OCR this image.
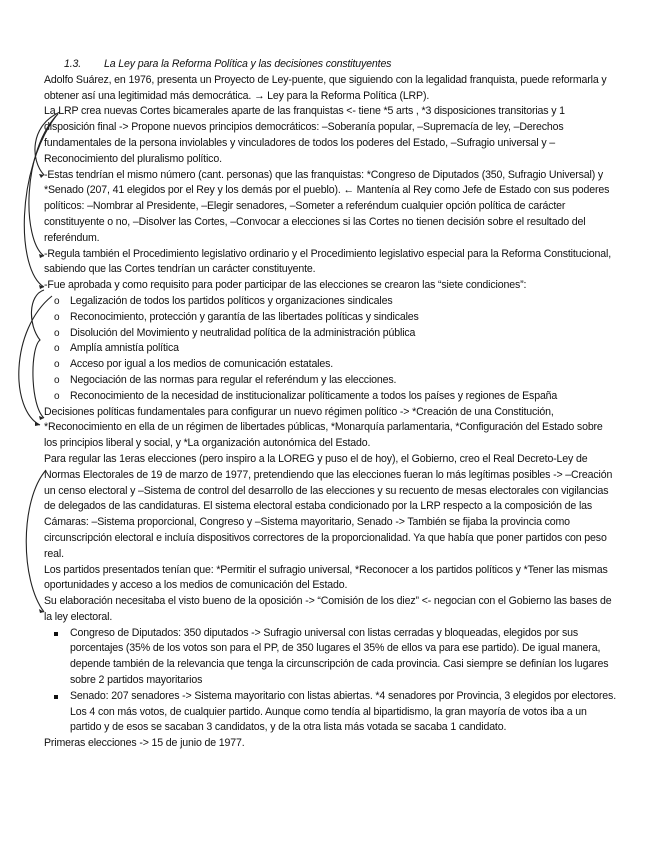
1.3. La Ley para la Reforma Política y las decisiones constituyentes

Adolfo Suárez, en 1976, presenta un Proyecto de Ley-puente, que siguiendo con la legalidad franquista, puede reformarla y obtener así una legitimidad más democrática. → Ley para la Reforma Política (LRP).

La LRP crea nuevas Cortes bicamerales aparte de las franquistas <- tiene *5 arts , *3 disposiciones transitorias y 1 disposición final -> Propone nuevos principios democráticos: –Soberanía popular, –Supremacía de ley, –Derechos fundamentales de la persona inviolables y vinculadores de todos los poderes del Estado, –Sufragio universal y –Reconocimiento del pluralismo político.

-Estas tendrían el mismo número (cant. personas) que las franquistas: *Congreso de Diputados (350, Sufragio Universal) y *Senado (207, 41 elegidos por el Rey y los demás por el pueblo). ← Mantenía al Rey como Jefe de Estado con sus poderes políticos: –Nombrar al Presidente, –Elegir senadores, –Someter a referéndum cualquier opción política de carácter constituyente o no, –Disolver las Cortes, –Convocar a elecciones si las Cortes no tienen decisión sobre el resultado del referéndum.

-Regula también el Procedimiento legislativo ordinario y el Procedimiento legislativo especial para la Reforma Constitucional, sabiendo que las Cortes tendrían un carácter constituyente.

-Fue aprobada y como requisito para poder participar de las elecciones se crearon las “siete condiciones”:

o Legalización de todos los partidos políticos y organizaciones sindicales
o Reconocimiento, protección y garantía de las libertades políticas y sindicales
o Disolución del Movimiento y neutralidad política de la administración pública
o Amplía amnistía política
o Acceso por igual a los medios de comunicación estatales.
o Negociación de las normas para regular el referéndum y las elecciones.
o Reconocimiento de la necesidad de institucionalizar políticamente a todos los países y regiones de España

Decisiones políticas fundamentales para configurar un nuevo régimen político -> *Creación de una Constitución, *Reconocimiento en ella de un régimen de libertades públicas, *Monarquía parlamentaria, *Configuración del Estado sobre los principios liberal y social, y *La organización autonómica del Estado.

Para regular las 1eras elecciones (pero inspiro a la LOREG y puso el de hoy), el Gobierno, creo el Real Decreto-Ley de Normas Electorales de 19 de marzo de 1977, pretendiendo que las elecciones fueran lo más legítimas posibles -> –Creación un censo electoral y –Sistema de control del desarrollo de las elecciones y su recuento de mesas electorales con vigilancias de delegados de las candidaturas. El sistema electoral estaba condicionado por la LRP respecto a la composición de las Cámaras: –Sistema proporcional, Congreso y –Sistema mayoritario, Senado -> También se fijaba la provincia como circunscripción electoral e incluía dispositivos correctores de la proporcionalidad. Ya que había que poner partidos con peso real.

Los partidos presentados tenían que: *Permitir el sufragio universal, *Reconocer a los partidos políticos y *Tener las mismas oportunidades y acceso a los medios de comunicación del Estado.

Su elaboración necesitaba el visto bueno de la oposición -> “Comisión de los diez” <- negocian con el Gobierno las bases de la ley electoral.

Congreso de Diputados: 350 diputados -> Sufragio universal con listas cerradas y bloqueadas, elegidos por sus porcentajes (35% de los votos son para el PP, de 350 lugares el 35% de ellos va para ese partido). De igual manera, depende también de la relevancia que tenga la circunscripción de cada provincia. Casi siempre se definían los lugares sobre 2 partidos mayoritarios
Senado: 207 senadores -> Sistema mayoritario con listas abiertas. *4 senadores por Provincia, 3 elegidos por electores. Los 4 con más votos, de cualquier partido. Aunque como tendía al bipartidismo, la gran mayoría de votos iba a un partido y de esos se sacaban 3 candidatos, y de la otra lista más votada se sacaba 1 candidato.

Primeras elecciones -> 15 de junio de 1977.
